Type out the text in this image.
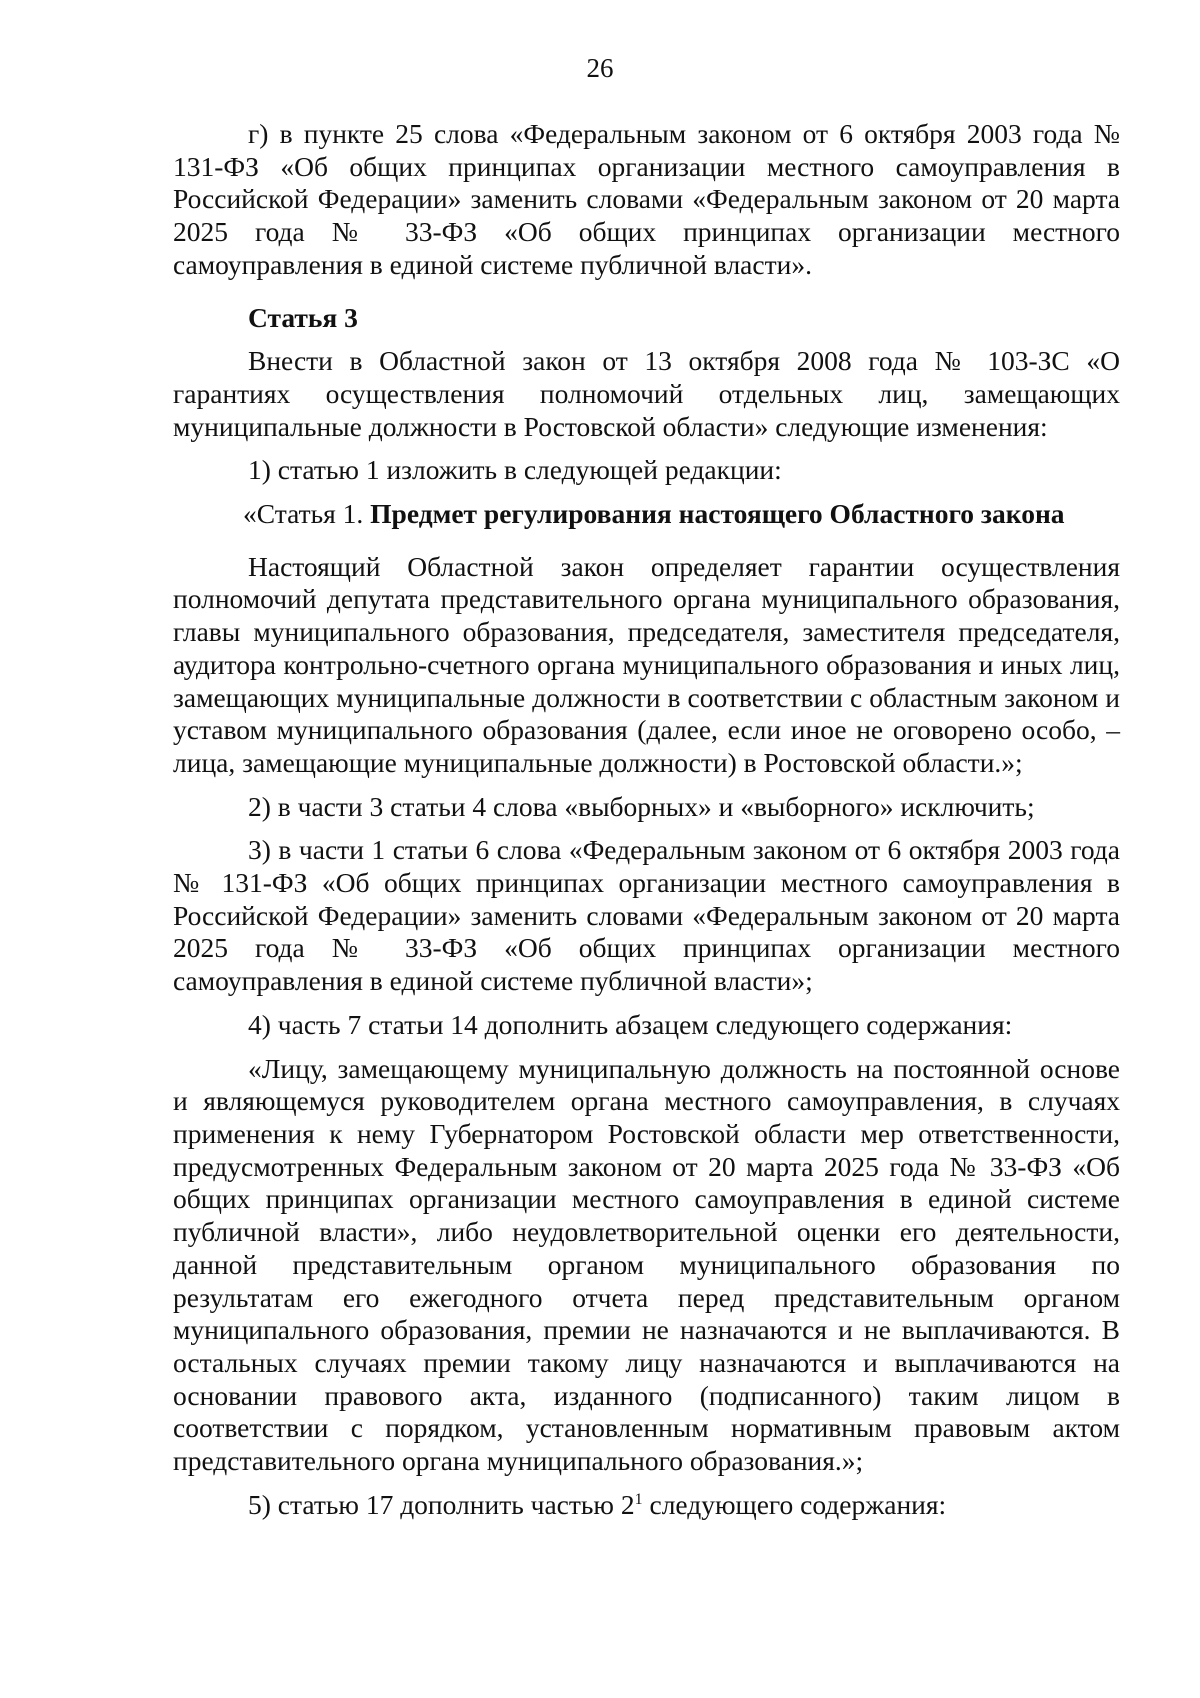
26

г) в пункте 25 слова «Федеральным законом от 6 октября 2003 года № 131-ФЗ «Об общих принципах организации местного самоуправления в Российской Федерации» заменить словами «Федеральным законом от 20 марта 2025 года № 33-ФЗ «Об общих принципах организации местного самоуправления в единой системе публичной власти».

Статья 3

Внести в Областной закон от 13 октября 2008 года № 103-ЗС «О гарантиях осуществления полномочий отдельных лиц, замещающих муниципальные должности в Ростовской области» следующие изменения:

1) статью 1 изложить в следующей редакции:

«Статья 1. Предмет регулирования настоящего Областного закона

Настоящий Областной закон определяет гарантии осуществления полномочий депутата представительного органа муниципального образования, главы муниципального образования, председателя, заместителя председателя, аудитора контрольно-счетного органа муниципального образования и иных лиц, замещающих муниципальные должности в соответствии с областным законом и уставом муниципального образования (далее, если иное не оговорено особо, – лица, замещающие муниципальные должности) в Ростовской области.»;

2) в части 3 статьи 4 слова «выборных» и «выборного» исключить;

3) в части 1 статьи 6 слова «Федеральным законом от 6 октября 2003 года № 131-ФЗ «Об общих принципах организации местного самоуправления в Российской Федерации» заменить словами «Федеральным законом от 20 марта 2025 года № 33-ФЗ «Об общих принципах организации местного самоуправления в единой системе публичной власти»;

4) часть 7 статьи 14 дополнить абзацем следующего содержания:

«Лицу, замещающему муниципальную должность на постоянной основе и являющемуся руководителем органа местного самоуправления, в случаях применения к нему Губернатором Ростовской области мер ответственности, предусмотренных Федеральным законом от 20 марта 2025 года № 33-ФЗ «Об общих принципах организации местного самоуправления в единой системе публичной власти», либо неудовлетворительной оценки его деятельности, данной представительным органом муниципального образования по результатам его ежегодного отчета перед представительным органом муниципального образования, премии не назначаются и не выплачиваются. В остальных случаях премии такому лицу назначаются и выплачиваются на основании правового акта, изданного (подписанного) таким лицом в соответствии с порядком, установленным нормативным правовым актом представительного органа муниципального образования.»;

5) статью 17 дополнить частью $2^1$ следующего содержания:
